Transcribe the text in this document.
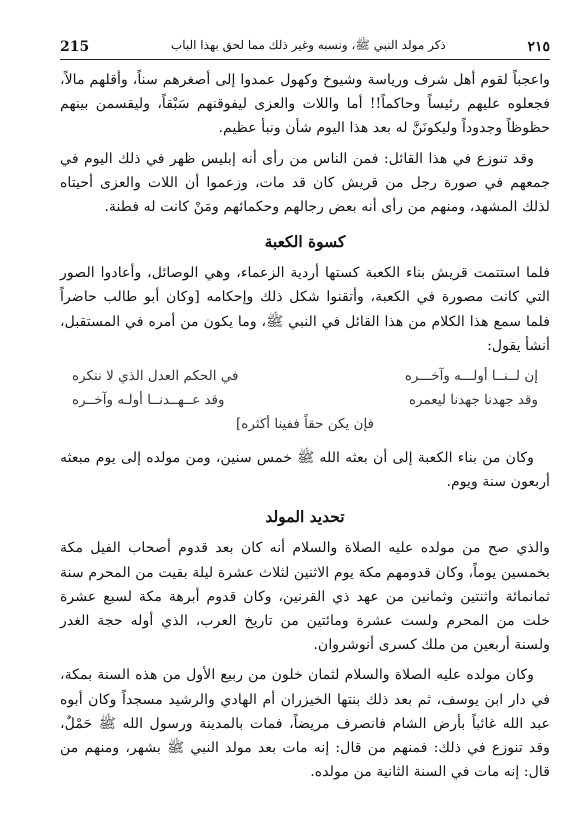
215	ذكر مولد النبي ﷺ، ونسبه وغير ذلك مما لحق بهذا الباب	٢١٥

واعجباً لقوم أهل شرف ورياسة وشيوخ وكهول عمدوا إلى أصغرهم سناً، وأقلهم مالاً، فجعلوه عليهم رئيساً وحاكماً!! أما واللات والعزى ليفوقنهم سَبْقاً، وليقسمن بينهم حظوظاً وجدوداً وليكونَنَّ له بعد هذا اليوم شأن ونبأ عظيم.

وقد تنوزع في هذا القائل: فمن الناس من رأى أنه إبليس ظهر في ذلك اليوم في جمعهم في صورة رجل من قريش كان قد مات، وزعموا أن اللات والعزى أحيتاه لذلك المشهد، ومنهم من رأى أنه بعض رجالهم وحكمائهم ومَنْ كانت له فطنة.

كسوة الكعبة

فلما استتمت قريش بناء الكعبة كستها أردية الزعماء، وهي الوصائل، وأعادوا الصور التي كانت مصورة في الكعبة، وأتقنوا شكل ذلك وإحكامه [وكان أبو طالب حاضراً فلما سمع هذا الكلام من هذا القائل في النبي ﷺ، وما يكون من أمره في المستقبل، أنشأ يقول:

إن لــنــا أولـــه وآخـــره
في الحكم العدل الذي لا ننكره
وقد جهدنا جهدنا ليعمره
وقد عــهــدنــا أولـه وآخــره
فإن يكن حقاً ففينا أكثره]

وكان من بناء الكعبة إلى أن بعثه الله ﷺ خمس سنين، ومن مولده إلى يوم مبعثه أربعون سنة ويوم.

تحديد المولد

والذي صح من مولده عليه الصلاة والسلام أنه كان بعد قدوم أصحاب الفيل مكة بخمسين يوماً، وكان قدومهم مكة يوم الاثنين لثلاث عشرة ليلة بقيت من المحرم سنة ثمانمائة واثنتين وثمانين من عهد ذي القرنين، وكان قدوم أبرهة مكة لسبع عشرة خلت من المحرم ولست عشرة ومائتين من تاريخ العرب، الذي أوله حجة الغدر ولسنة أربعين من ملك كسرى أنوشروان.

وكان مولده عليه الصلاة والسلام لثمان خلون من ربيع الأول من هذه السنة بمكة، في دار ابن يوسف، ثم بعد ذلك بنتها الخيزران أم الهادي والرشيد مسجداً وكان أبوه عبد الله غائباً بأرض الشام فانصرف مريضاً، فمات بالمدينة ورسول الله ﷺ حَمْلٌ، وقد تنوزع في ذلك: فمنهم من قال: إنه مات بعد مولد النبي ﷺ بشهر، ومنهم من قال: إنه مات في السنة الثانية من مولده.
